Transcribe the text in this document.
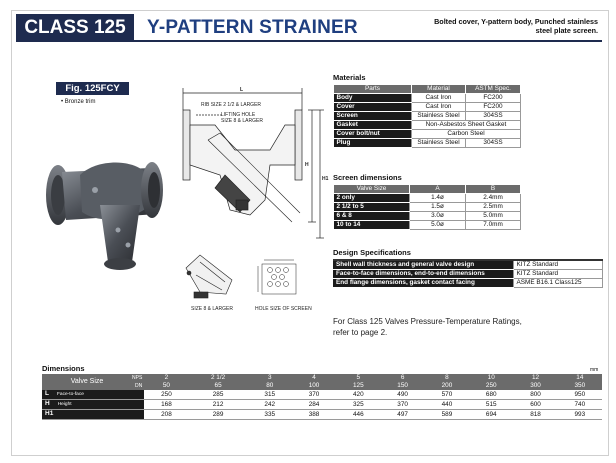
CLASS 125	Y-PATTERN STRAINER	Bolted cover, Y-pattern body, Punched stainless
steel plate screen.
Fig. 125FCY
• Bronze trim	RIB SIZE 2 1/2 & LARGER
LIFTING HOLE
SIZE 8 & LARGER
L
H
H1
SIZE 8 & LARGER	HOLE SIZE OF SCREEN
Materials
Parts	Material	ASTM Spec.
Body	Cast Iron	FC200
Cover	Cast Iron	FC200
Screen	Stainless Steel	304SS
Gasket	Non-Asbestos Sheet Gasket	
Cover bolt/nut	Carbon Steel	
Plug	Stainless Steel	304SS
Screen dimensions
Valve Size	A	B
2 only	1.4ø	2.4mm
2 1/2 to 5	1.5ø	2.5mm
6 & 8	3.0ø	5.0mm
10 to 14	5.0ø	7.0mm
Design Specifications
Shell wall thickness and general valve design	KITZ Standard
Face-to-face dimensions, end-to-end dimensions	KITZ Standard
End flange dimensions, gasket contact facing	ASME B16.1 Class125
For Class 125 Valves Pressure-Temperature Ratings,
refer to page 2.
Dimensions	mm
Valve Size	NPS	2	2 1/2	3	4	5	6	8	10	12	14
	DN	50	65	80	100	125	150	200	250	300	350
L Face-to-face		250	285	315	370	420	490	570	680	800	950
H Height		168	212	242	284	325	370	440	515	600	740
H1		208	289	335	388	446	497	589	694	818	993
